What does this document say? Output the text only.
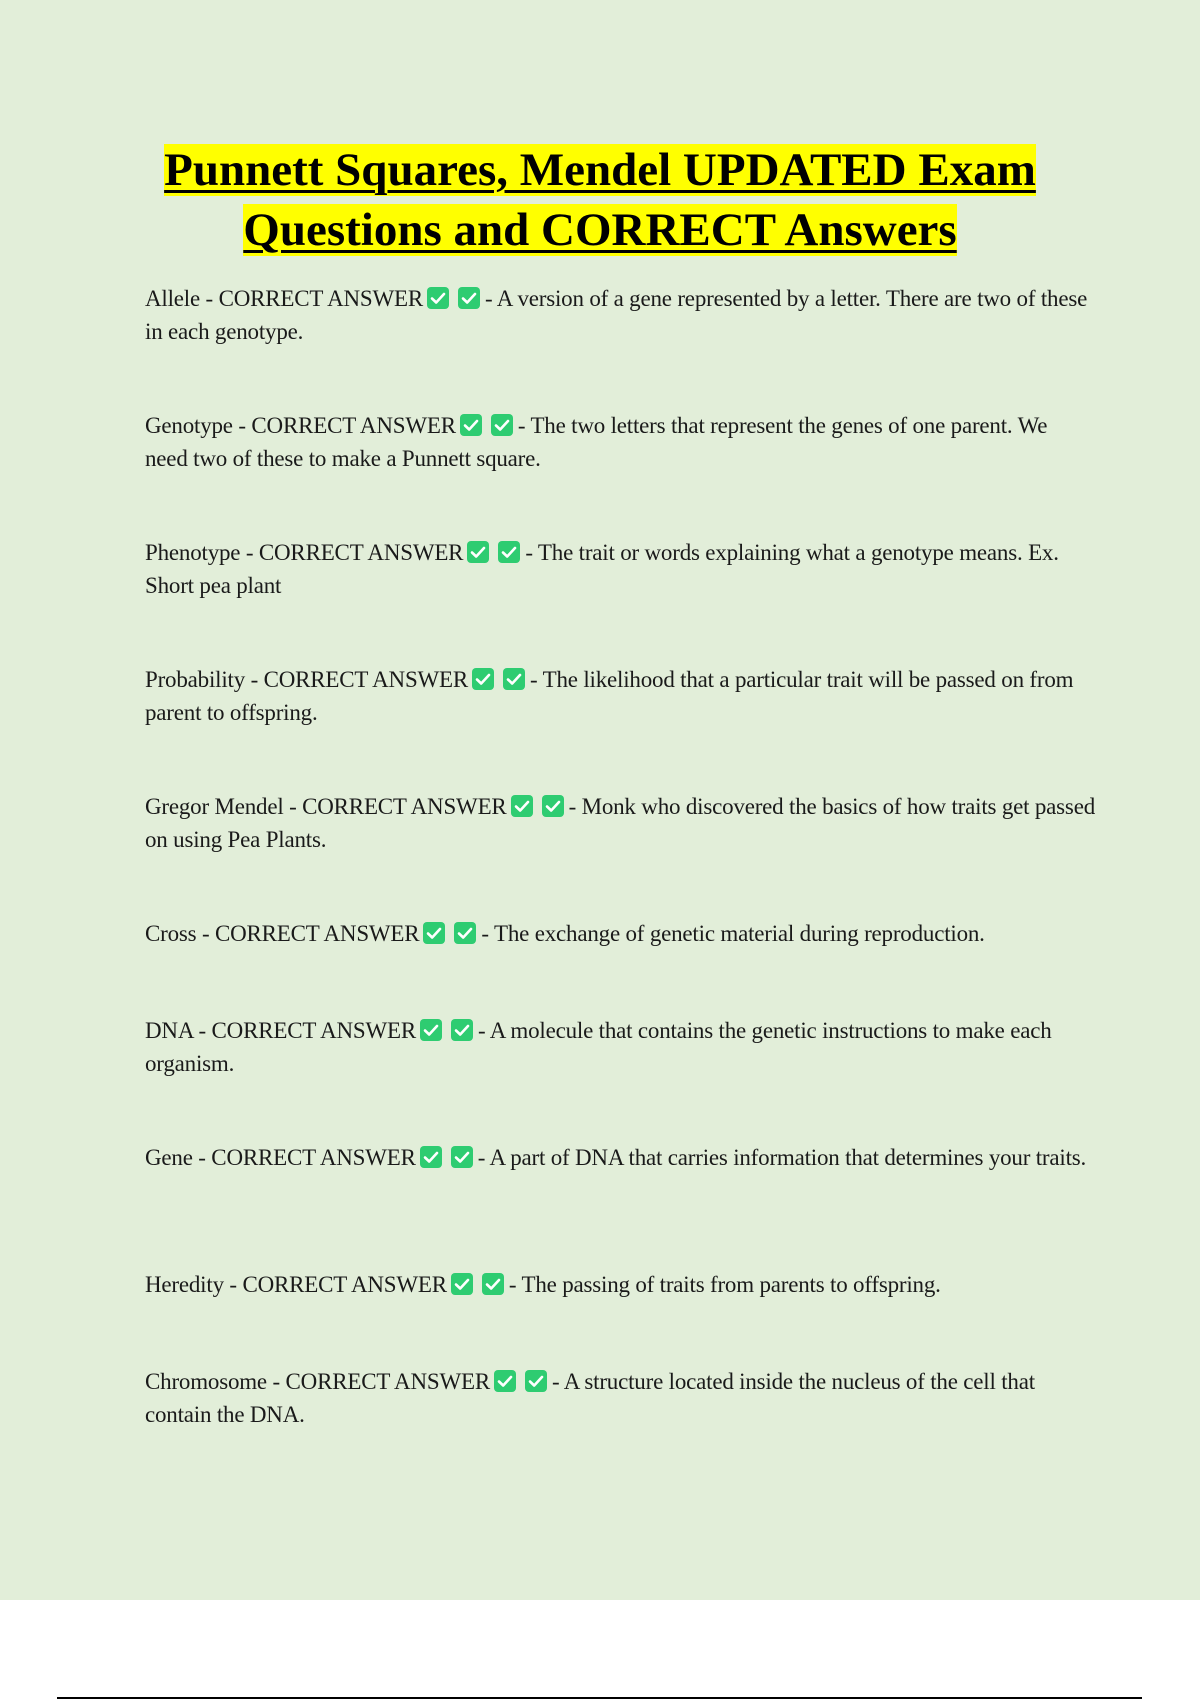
Punnett Squares, Mendel UPDATED Exam
Questions and CORRECT Answers
Allele - CORRECT ANSWER	- A version of a gene represented by a letter. There are two of these in each genotype.
Genotype - CORRECT ANSWER	- The two letters that represent the genes of one parent. We need two of these to make a Punnett square.
Phenotype - CORRECT ANSWER	- The trait or words explaining what a genotype means. Ex. Short pea plant
Probability - CORRECT ANSWER	- The likelihood that a particular trait will be passed on from parent to offspring.
Gregor Mendel - CORRECT ANSWER	- Monk who discovered the basics of how traits get passed on using Pea Plants.
Cross - CORRECT ANSWER	- The exchange of genetic material during reproduction.
DNA - CORRECT ANSWER	- A molecule that contains the genetic instructions to make each organism.
Gene - CORRECT ANSWER	- A part of DNA that carries information that determines your traits.
Heredity - CORRECT ANSWER	- The passing of traits from parents to offspring.
Chromosome - CORRECT ANSWER	- A structure located inside the nucleus of the cell that contain the DNA.
